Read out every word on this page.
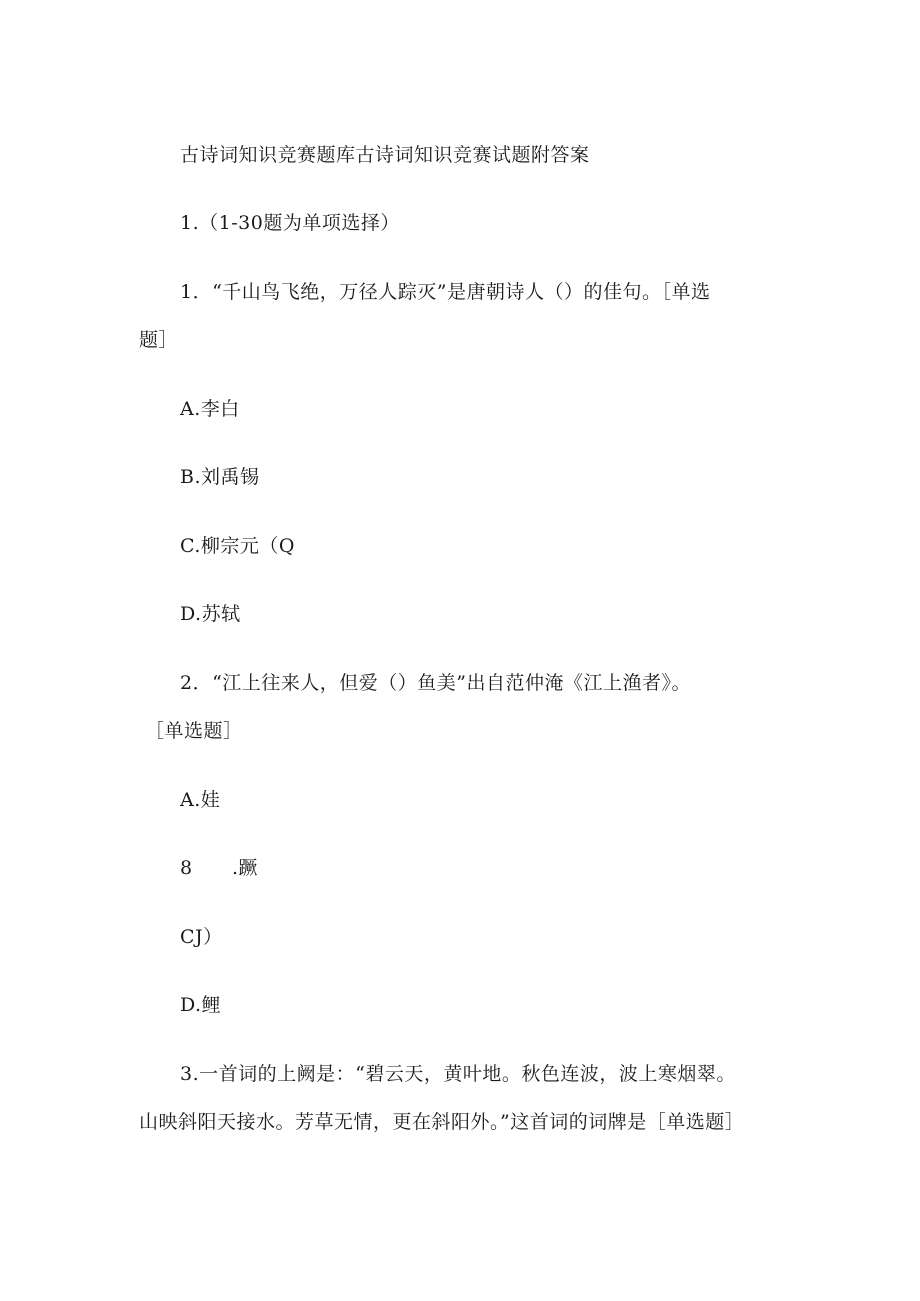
古诗词知识竞赛题库古诗词知识竞赛试题附答案
1.（1-30题为单项选择）
1．“千山鸟飞绝，万径人踪灭”是唐朝诗人（）的佳句。［单选
题］
A.李白
B.刘禹锡
C.柳宗元（Q
D.苏轼
2．“江上往来人，但爱（）鱼美”出自范仲淹《江上渔者》。
［单选题］
A.娃
8 .蹶
CJ）
D.鲤
3.一首词的上阙是：“碧云天，黄叶地。秋色连波，波上寒烟翠。
山映斜阳天接水。芳草无情，更在斜阳外。”这首词的词牌是［单选题］
